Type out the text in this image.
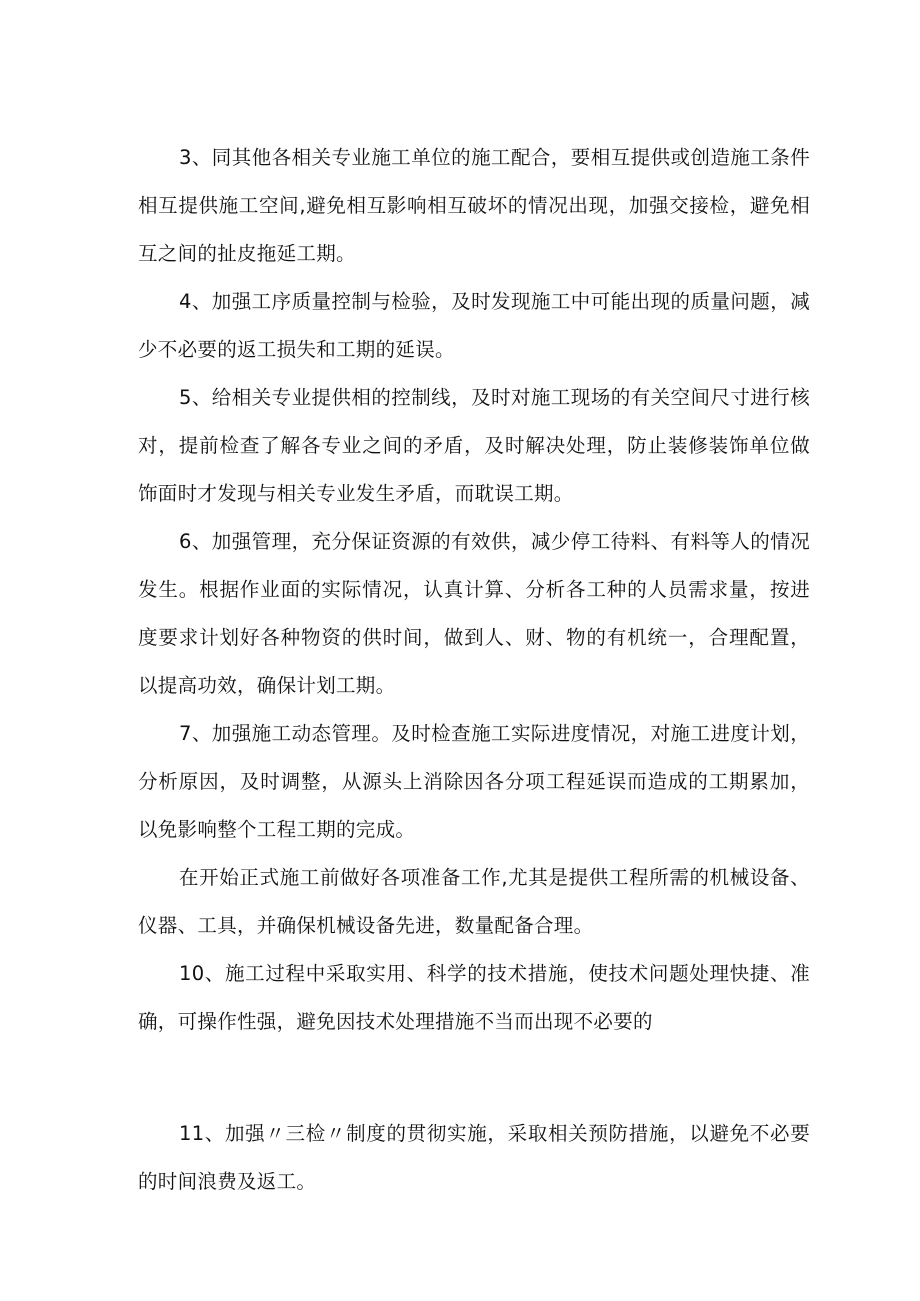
3、同其他各相关专业施工单位的施工配合，要相互提供或创造施工条件相互提供施工空间,避免相互影响相互破坏的情况出现，加强交接检，避免相互之间的扯皮拖延工期。

4、加强工序质量控制与检验，及时发现施工中可能出现的质量问题，减少不必要的返工损失和工期的延误。

5、给相关专业提供相的控制线，及时对施工现场的有关空间尺寸进行核对，提前检查了解各专业之间的矛盾，及时解决处理，防止装修装饰单位做饰面时才发现与相关专业发生矛盾，而耽误工期。

6、加强管理，充分保证资源的有效供，减少停工待料、有料等人的情况发生。根据作业面的实际情况，认真计算、分析各工种的人员需求量，按进度要求计划好各种物资的供时间，做到人、财、物的有机统一，合理配置，以提高功效，确保计划工期。

7、加强施工动态管理。及时检查施工实际进度情况，对施工进度计划，分析原因，及时调整，从源头上消除因各分项工程延误而造成的工期累加，以免影响整个工程工期的完成。

在开始正式施工前做好各项准备工作,尤其是提供工程所需的机械设备、仪器、工具，并确保机械设备先进，数量配备合理。

10、施工过程中采取实用、科学的技术措施，使技术问题处理快捷、准确，可操作性强，避免因技术处理措施不当而出现不必要的

11、加强〃三检〃制度的贯彻实施，采取相关预防措施，以避免不必要的时间浪费及返工。
